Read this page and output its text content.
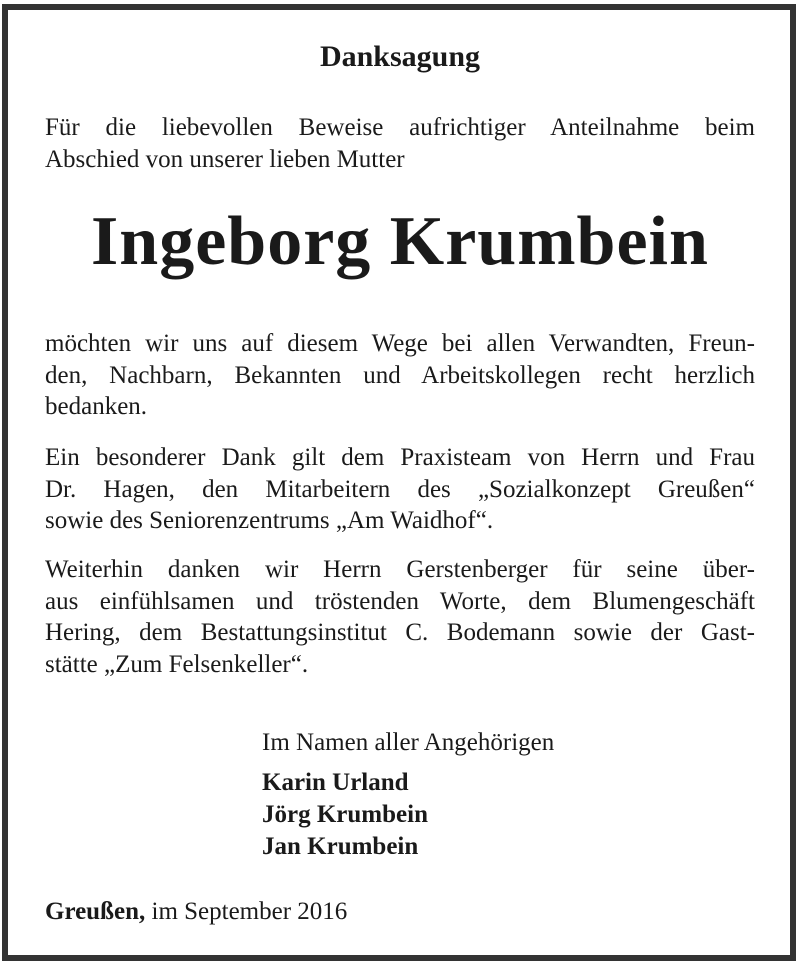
Danksagung
Für die liebevollen Beweise aufrichtiger Anteilnahme beim
Abschied von unserer lieben Mutter
Ingeborg Krumbein
möchten wir uns auf diesem Wege bei allen Verwandten, Freun-
den, Nachbarn, Bekannten und Arbeitskollegen recht herzlich
bedanken.
Ein besonderer Dank gilt dem Praxisteam von Herrn und Frau
Dr. Hagen, den Mitarbeitern des „Sozialkonzept Greußen“
sowie des Seniorenzentrums „Am Waidhof“.
Weiterhin danken wir Herrn Gerstenberger für seine über-
aus einfühlsamen und tröstenden Worte, dem Blumengeschäft
Hering, dem Bestattungsinstitut C. Bodemann sowie der Gast-
stätte „Zum Felsenkeller“.
Im Namen aller Angehörigen
Karin Urland
Jörg Krumbein
Jan Krumbein
Greußen, im September 2016
